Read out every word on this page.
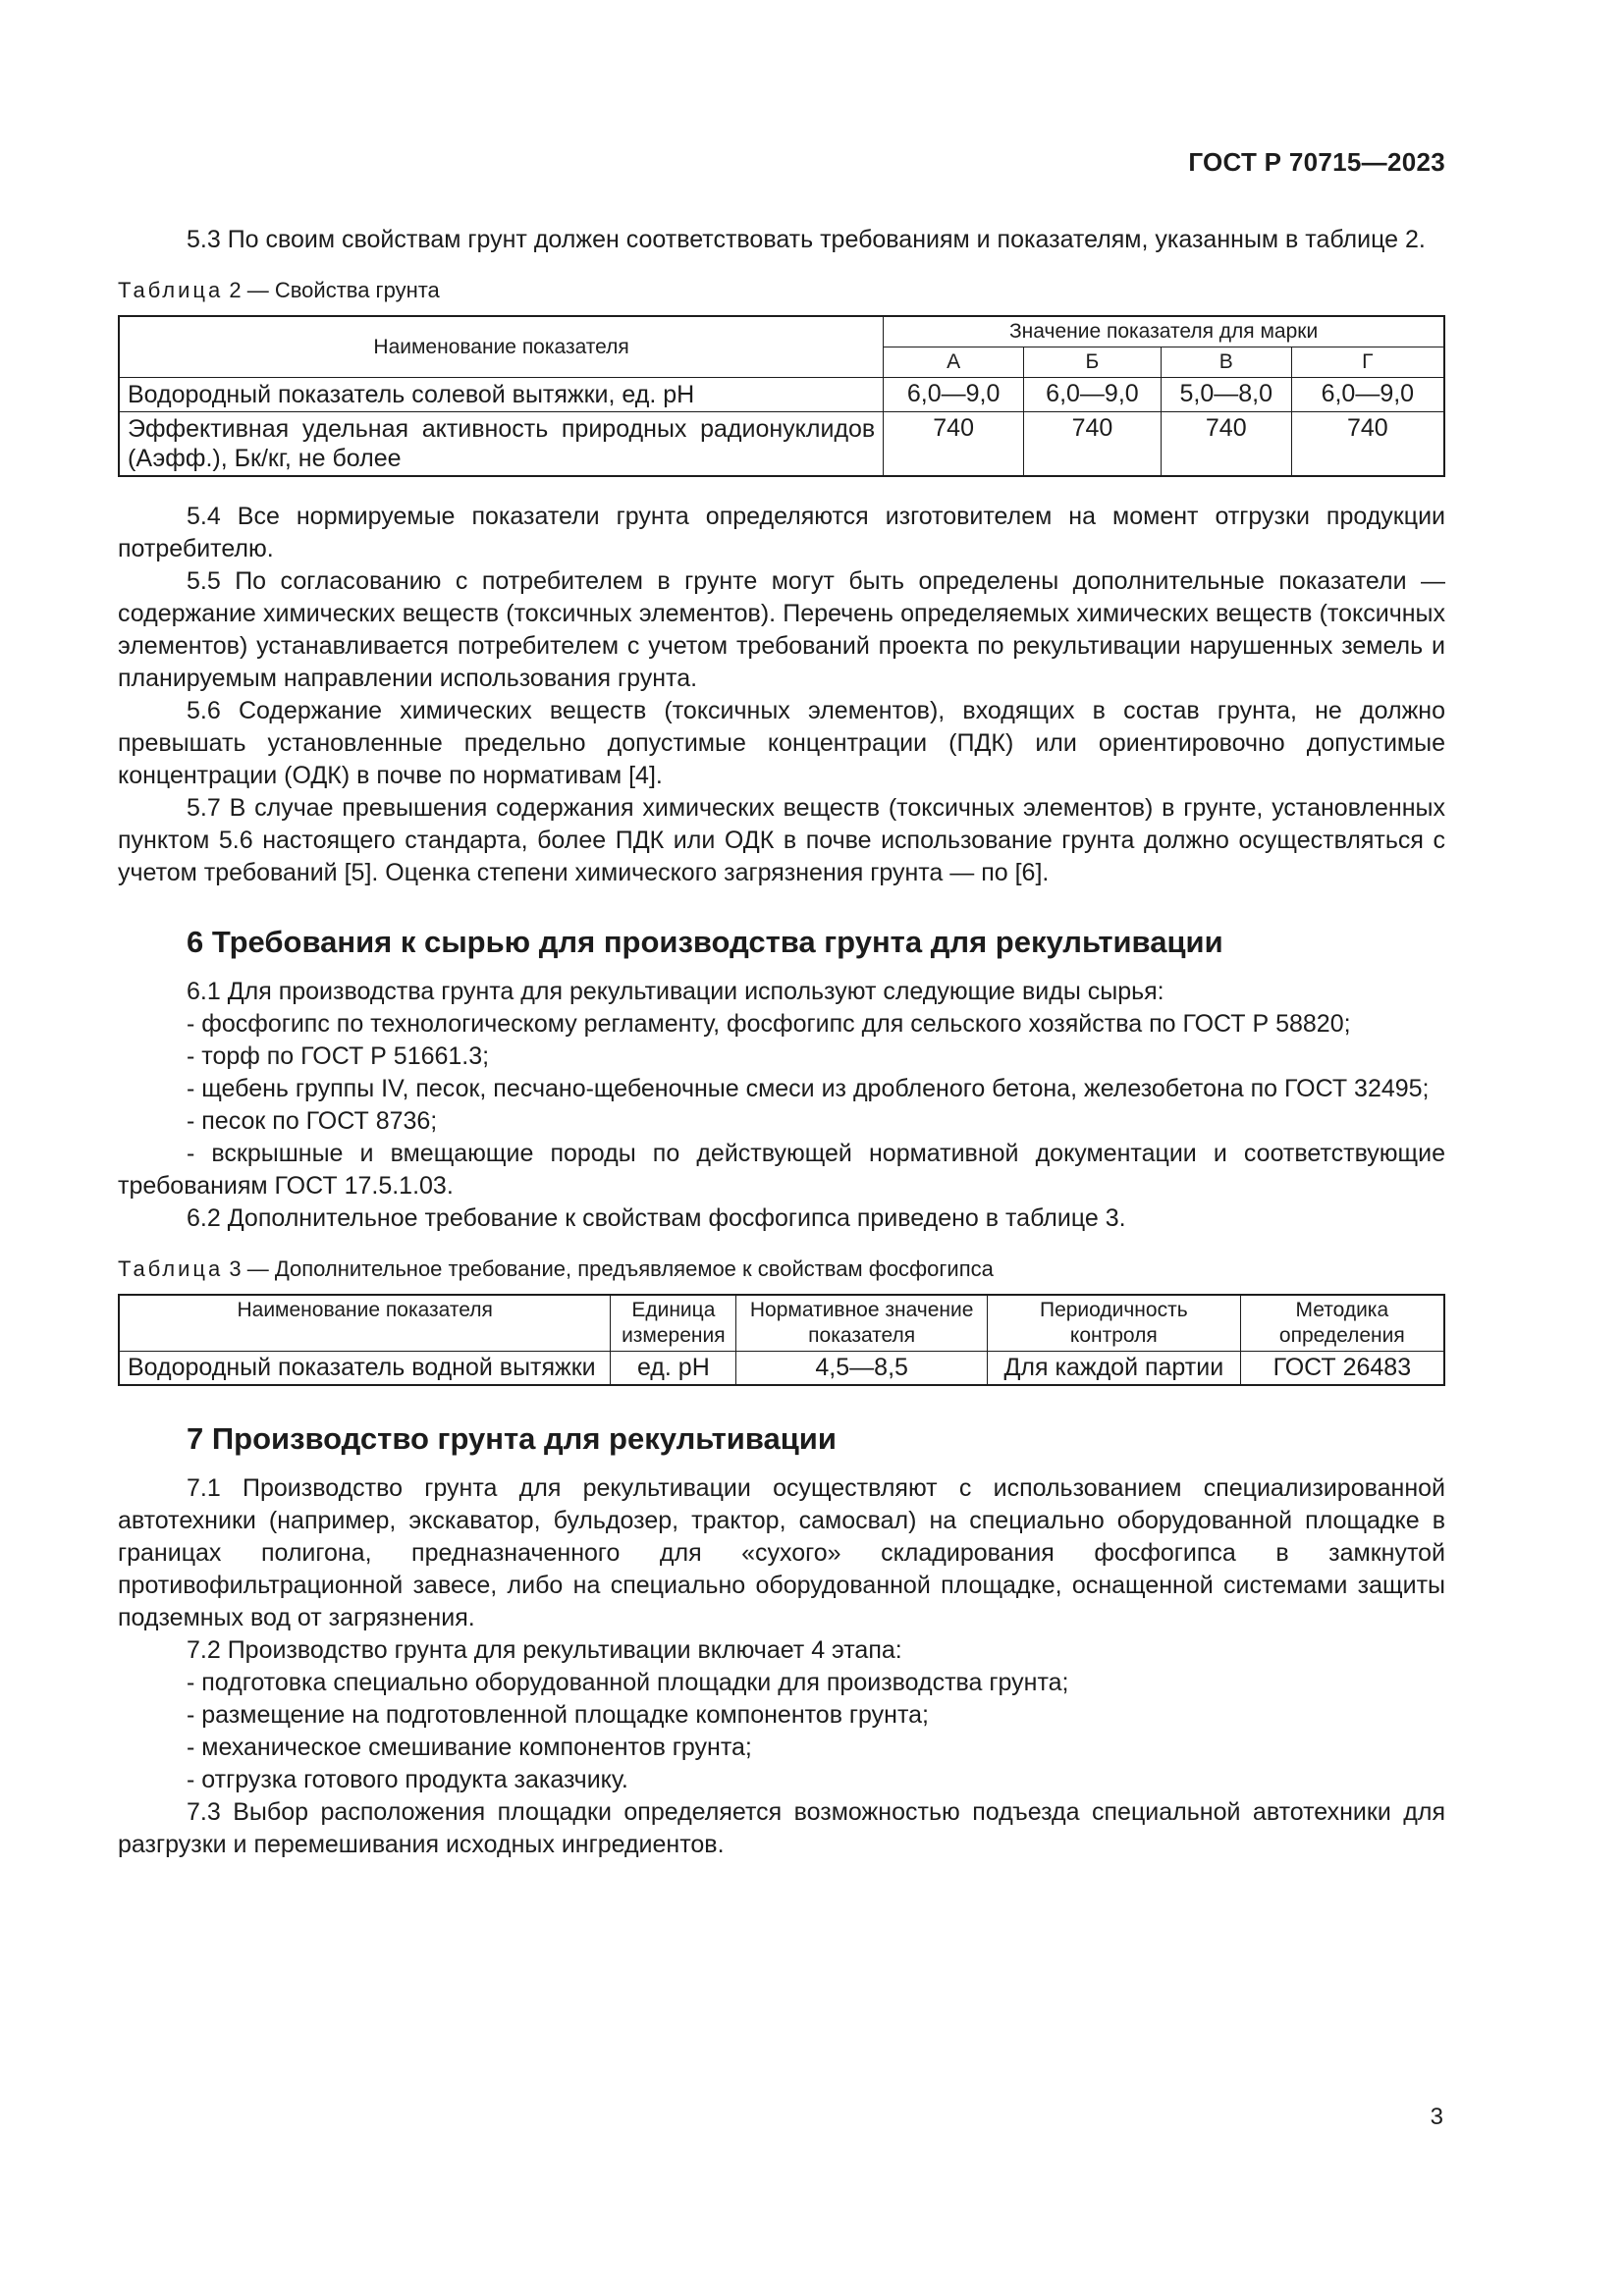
ГОСТ Р 70715—2023

5.3 По своим свойствам грунт должен соответствовать требованиям и показателям, указанным в таблице 2.

Таблица 2 — Свойства грунта
Наименование показателя	Значение показателя для марки			
	А	Б	В	Г
Водородный показатель солевой вытяжки, ед. pH	6,0—9,0	6,0—9,0	5,0—8,0	6,0—9,0
Эффективная удельная активность природных радионуклидов (Аэфф.), Бк/кг, не более	740	740	740	740

5.4 Все нормируемые показатели грунта определяются изготовителем на момент отгрузки продукции потребителю.

5.5 По согласованию с потребителем в грунте могут быть определены дополнительные показатели — содержание химических веществ (токсичных элементов). Перечень определяемых химических веществ (токсичных элементов) устанавливается потребителем с учетом требований проекта по рекультивации нарушенных земель и планируемым направлении использования грунта.

5.6 Содержание химических веществ (токсичных элементов), входящих в состав грунта, не должно превышать установленные предельно допустимые концентрации (ПДК) или ориентировочно допустимые концентрации (ОДК) в почве по нормативам [4].

5.7 В случае превышения содержания химических веществ (токсичных элементов) в грунте, установленных пунктом 5.6 настоящего стандарта, более ПДК или ОДК в почве использование грунта должно осуществляться с учетом требований [5]. Оценка степени химического загрязнения грунта — по [6].

6 Требования к сырью для производства грунта для рекультивации

6.1 Для производства грунта для рекультивации используют следующие виды сырья:

- фосфогипс по технологическому регламенту, фосфогипс для сельского хозяйства по ГОСТ Р 58820;

- торф по ГОСТ Р 51661.3;

- щебень группы IV, песок, песчано-щебеночные смеси из дробленого бетона, железобетона по ГОСТ 32495;

- песок по ГОСТ 8736;

- вскрышные и вмещающие породы по действующей нормативной документации и соответствующие требованиям ГОСТ 17.5.1.03.

6.2 Дополнительное требование к свойствам фосфогипса приведено в таблице 3.

Таблица 3 — Дополнительное требование, предъявляемое к свойствам фосфогипса
Наименование показателя	Единица измерения	Нормативное значение показателя	Периодичность контроля	Методика определения
Водородный показатель водной вытяжки	ед. pH	4,5—8,5	Для каждой партии	ГОСТ 26483
7 Производство грунта для рекультивации

7.1 Производство грунта для рекультивации осуществляют с использованием специализированной автотехники (например, экскаватор, бульдозер, трактор, самосвал) на специально оборудованной площадке в границах полигона, предназначенного для «сухого» складирования фосфогипса в замкнутой противофильтрационной завесе, либо на специально оборудованной площадке, оснащенной системами защиты подземных вод от загрязнения.

7.2 Производство грунта для рекультивации включает 4 этапа:

- подготовка специально оборудованной площадки для производства грунта;

- размещение на подготовленной площадке компонентов грунта;

- механическое смешивание компонентов грунта;

- отгрузка готового продукта заказчику.

7.3 Выбор расположения площадки определяется возможностью подъезда специальной автотехники для разгрузки и перемешивания исходных ингредиентов.

3
